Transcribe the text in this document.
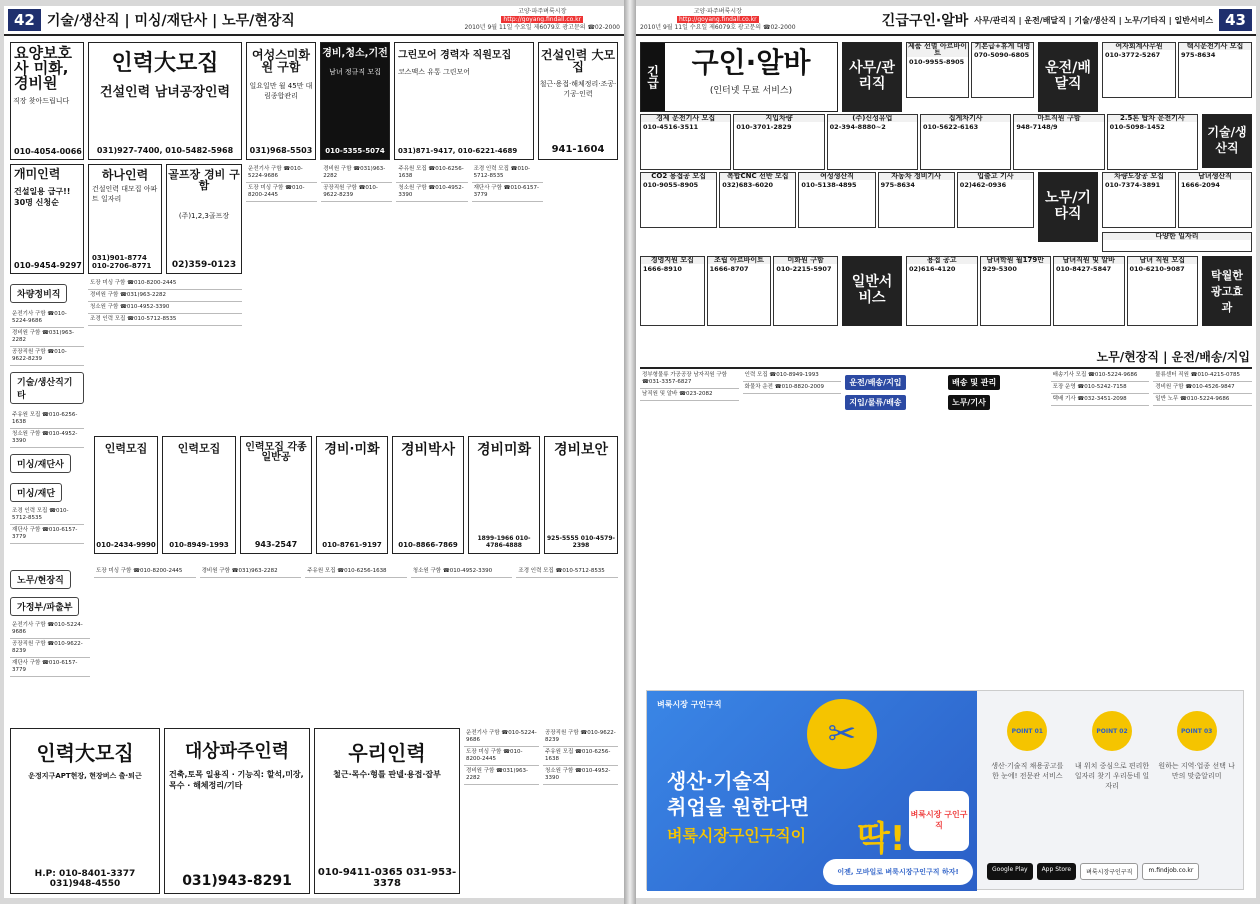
42 기술/생산직 | 미싱/재단사 | 노무/현장직
고양·파주벼룩시장
http://goyang.findall.co.kr
2010년 9월 11일 수요일 제6079호 광고문의 ☎02-2000
요양보호사 미화,경비원
직장 찾아드립니다
010-4054-0066
인력大모집
건설인력 남녀공장인력
031)927-7400, 010-5482-5968
여성스미화원 구함
일요일만 월 45만 대림종합관리
031)968-5503
경비,청소,기전
남녀 정규직 모집
010-5355-5074
그린모어 경력자 직원모집
코스맥스 유통 그린모어
031)871-9417, 010-6221-4689
건설인력 大모집
철근·용접·해체정리·조공·기공·인력
941-1604
개미인력
건설일용 급구!! 30명 신청순
010-9454-9297
하나인력
건설인력 대모집 아파트 일자리
031)901-8774 010-2706-8771
골프장 경비 구함
(주)1,2,3골프장
02)359-0123
운전기사 구함 ☎010-5224-9686
도장 미싱 구함 ☎010-8200-2445
경비원 구함 ☎031)963-2282
공장직원 구함 ☎010-9622-8239
주유원 모집 ☎010-6256-1638
청소원 구함 ☎010-4952-3390
조경 인력 모집 ☎010-5712-8535
재단사 구함 ☎010-6157-3779
차량정비직
운전기사 구함 ☎010-5224-9686
경비원 구함 ☎031)963-2282
공장직원 구함 ☎010-9622-8239
기술/생산직기타
주유원 모집 ☎010-6256-1638
청소원 구함 ☎010-4952-3390
미싱/재단사 미싱/재단
조경 인력 모집 ☎010-5712-8535
재단사 구함 ☎010-6157-3779
도장 미싱 구함 ☎010-8200-2445
경비원 구함 ☎031)963-2282
청소원 구함 ☎010-4952-3390
조경 인력 모집 ☎010-5712-8535
인력모집
010-2434-9990
인력모집
010-8949-1993
인력모집 각종일반공
943-2547
경비·미화
010-8761-9197
경비박사
010-8866-7869
경비미화
1899-1966 010-4786-4888
경비보안
925-5555 010-4579-2398
노무/현장직 가정부/파출부
운전기사 구함 ☎010-5224-9686
공장직원 구함 ☎010-9622-8239
재단사 구함 ☎010-6157-3779
도장 미싱 구함 ☎010-8200-2445	경비원 구함 ☎031)963-2282	주유원 모집 ☎010-6256-1638	청소원 구함 ☎010-4952-3390	조경 인력 모집 ☎010-5712-8535
인력大모집
운정지구APT현장, 현장버스 출·퇴근
H.P: 010-8401-3377 031)948-4550
대상파주인력
건축,토목 일용직 · 기능직: 할석,미장,목수 · 해체정리/기타
031)943-8291
우리인력
철근·목수·형틀 판넬·용접·잡부
010-9411-0365 031-953-3378
운전기사 구함 ☎010-5224-9686
도장 미싱 구함 ☎010-8200-2445
경비원 구함 ☎031)963-2282
공장직원 구함 ☎010-9622-8239
주유원 모집 ☎010-6256-1638
청소원 구함 ☎010-4952-3390
고양·파주벼룩시장
http://goyang.findall.co.kr
2010년 9월 11일 수요일 제6079호 광고문의 ☎02-2000	긴급구인·알바 사무/관리직 | 운전/배달직 | 기술/생산직 | 노무/기타직 | 일반서비스 43
긴급	구인·알바
(인터넷 무료 서비스)
사무/관리직
운전/배달직
기술/생산직
노무/기타직
일반서비스
탁월한 광고효과
제품 선별 아르바이트
010-9955-8905
기본급+휴게 대명
070-5090-6805
여자회계사무원
010-3772-5267
택시운전기사 모집
975-8634
경제 운전기사 모집
010-4516-3511
지입차량
010-3701-2829
(주)신성유업
02-394-8880~2
집게차기사
010-5622-6163
마트직원 구함
948-7148/9
2.5톤 탑차 운전기사
010-5098-1452
CO2 용접공 모집
010-9055-8905
복합CNC 선반 모집
032)683-6020
여성생산직
010-5138-4895
자동차 정비기사
975-8634
입출고 기사
02)462-0936
차량도장공 모집
010-7374-3891
남녀생산직
1666-2094
다양한 일자리
경영지원 모집
1666-8910
조립 아르바이트
1666-8707
미화원 구함
010-2215-5907
용접 공고
02)616-4120
남녀학원 월179만
929-5300
남녀직원 및 알바
010-8427-5847
남녀 직원 모집
010-6210-9087
노무/현장직 | 운전/배송/지입
정부형물류 가공공장 남자직원 구함 ☎031-3357-6827
남직원 및 알바 ☎023-2082
인력 모집 ☎010-8949-1993
화물차 운전 ☎010-8820-2009	운전/배송/지입 지입/물류/배송 배송 및 관리 노무/기사
배송기사 모집 ☎010-5224-9686
포장 운영 ☎010-5242-7158
택배 기사 ☎032-3451-2098
물류센터 직원 ☎010-4215-0785
경비원 구함 ☎010-4526-9847
일반 노무 ☎010-5224-9686
벼룩시장 구인구직
✂
생산·기술직
취업을 원한다면
벼룩시장구인구직이 딱!
이젠, 모바일로 벼룩시장구인구직 하자!
벼룩시장 구인구직
POINT 01
생산·기술직 채용공고를 한 눈에! 전문관 서비스
POINT 02
내 위치 중심으로 편리한 일자리 찾기 우리동네 일자리
POINT 03
원하는 지역·업종 선택 나만의 맞춤알리미
Google Play	App Store	벼룩시장구인구직	m.findjob.co.kr
